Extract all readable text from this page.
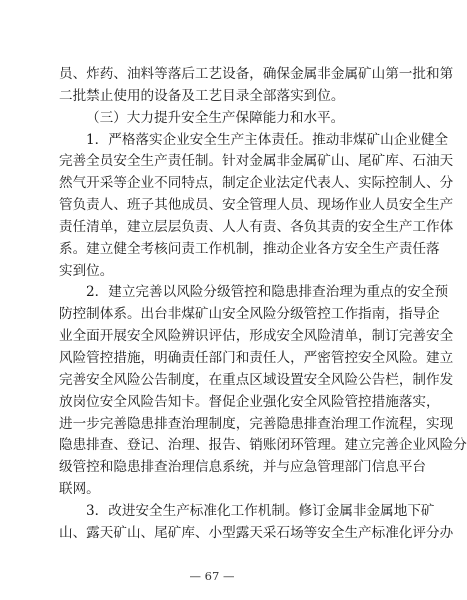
员、炸药、油料等落后工艺设备，确保金属非金属矿山第一批和第
二批禁止使用的设备及工艺目录全部落实到位。
（三）大力提升安全生产保障能力和水平。
1．严格落实企业安全生产主体责任。推动非煤矿山企业健全
完善全员安全生产责任制。针对金属非金属矿山、尾矿库、石油天
然气开采等企业不同特点，制定企业法定代表人、实际控制人、分
管负责人、班子其他成员、安全管理人员、现场作业人员安全生产
责任清单，建立层层负责、人人有责、各负其责的安全生产工作体
系。建立健全考核问责工作机制，推动企业各方安全生产责任落
实到位。
2．建立完善以风险分级管控和隐患排查治理为重点的安全预
防控制体系。出台非煤矿山安全风险分级管控工作指南，指导企
业全面开展安全风险辨识评估，形成安全风险清单，制订完善安全
风险管控措施，明确责任部门和责任人，严密管控安全风险。建立
完善安全风险公告制度，在重点区域设置安全风险公告栏，制作发
放岗位安全风险告知卡。督促企业强化安全风险管控措施落实，
进一步完善隐患排查治理制度，完善隐患排查治理工作流程，实现
隐患排查、登记、治理、报告、销账闭环管理。建立完善企业风险分
级管控和隐患排查治理信息系统，并与应急管理部门信息平台
联网。
3．改进安全生产标准化工作机制。修订金属非金属地下矿
山、露天矿山、尾矿库、小型露天采石场等安全生产标准化评分办
— 67 —
